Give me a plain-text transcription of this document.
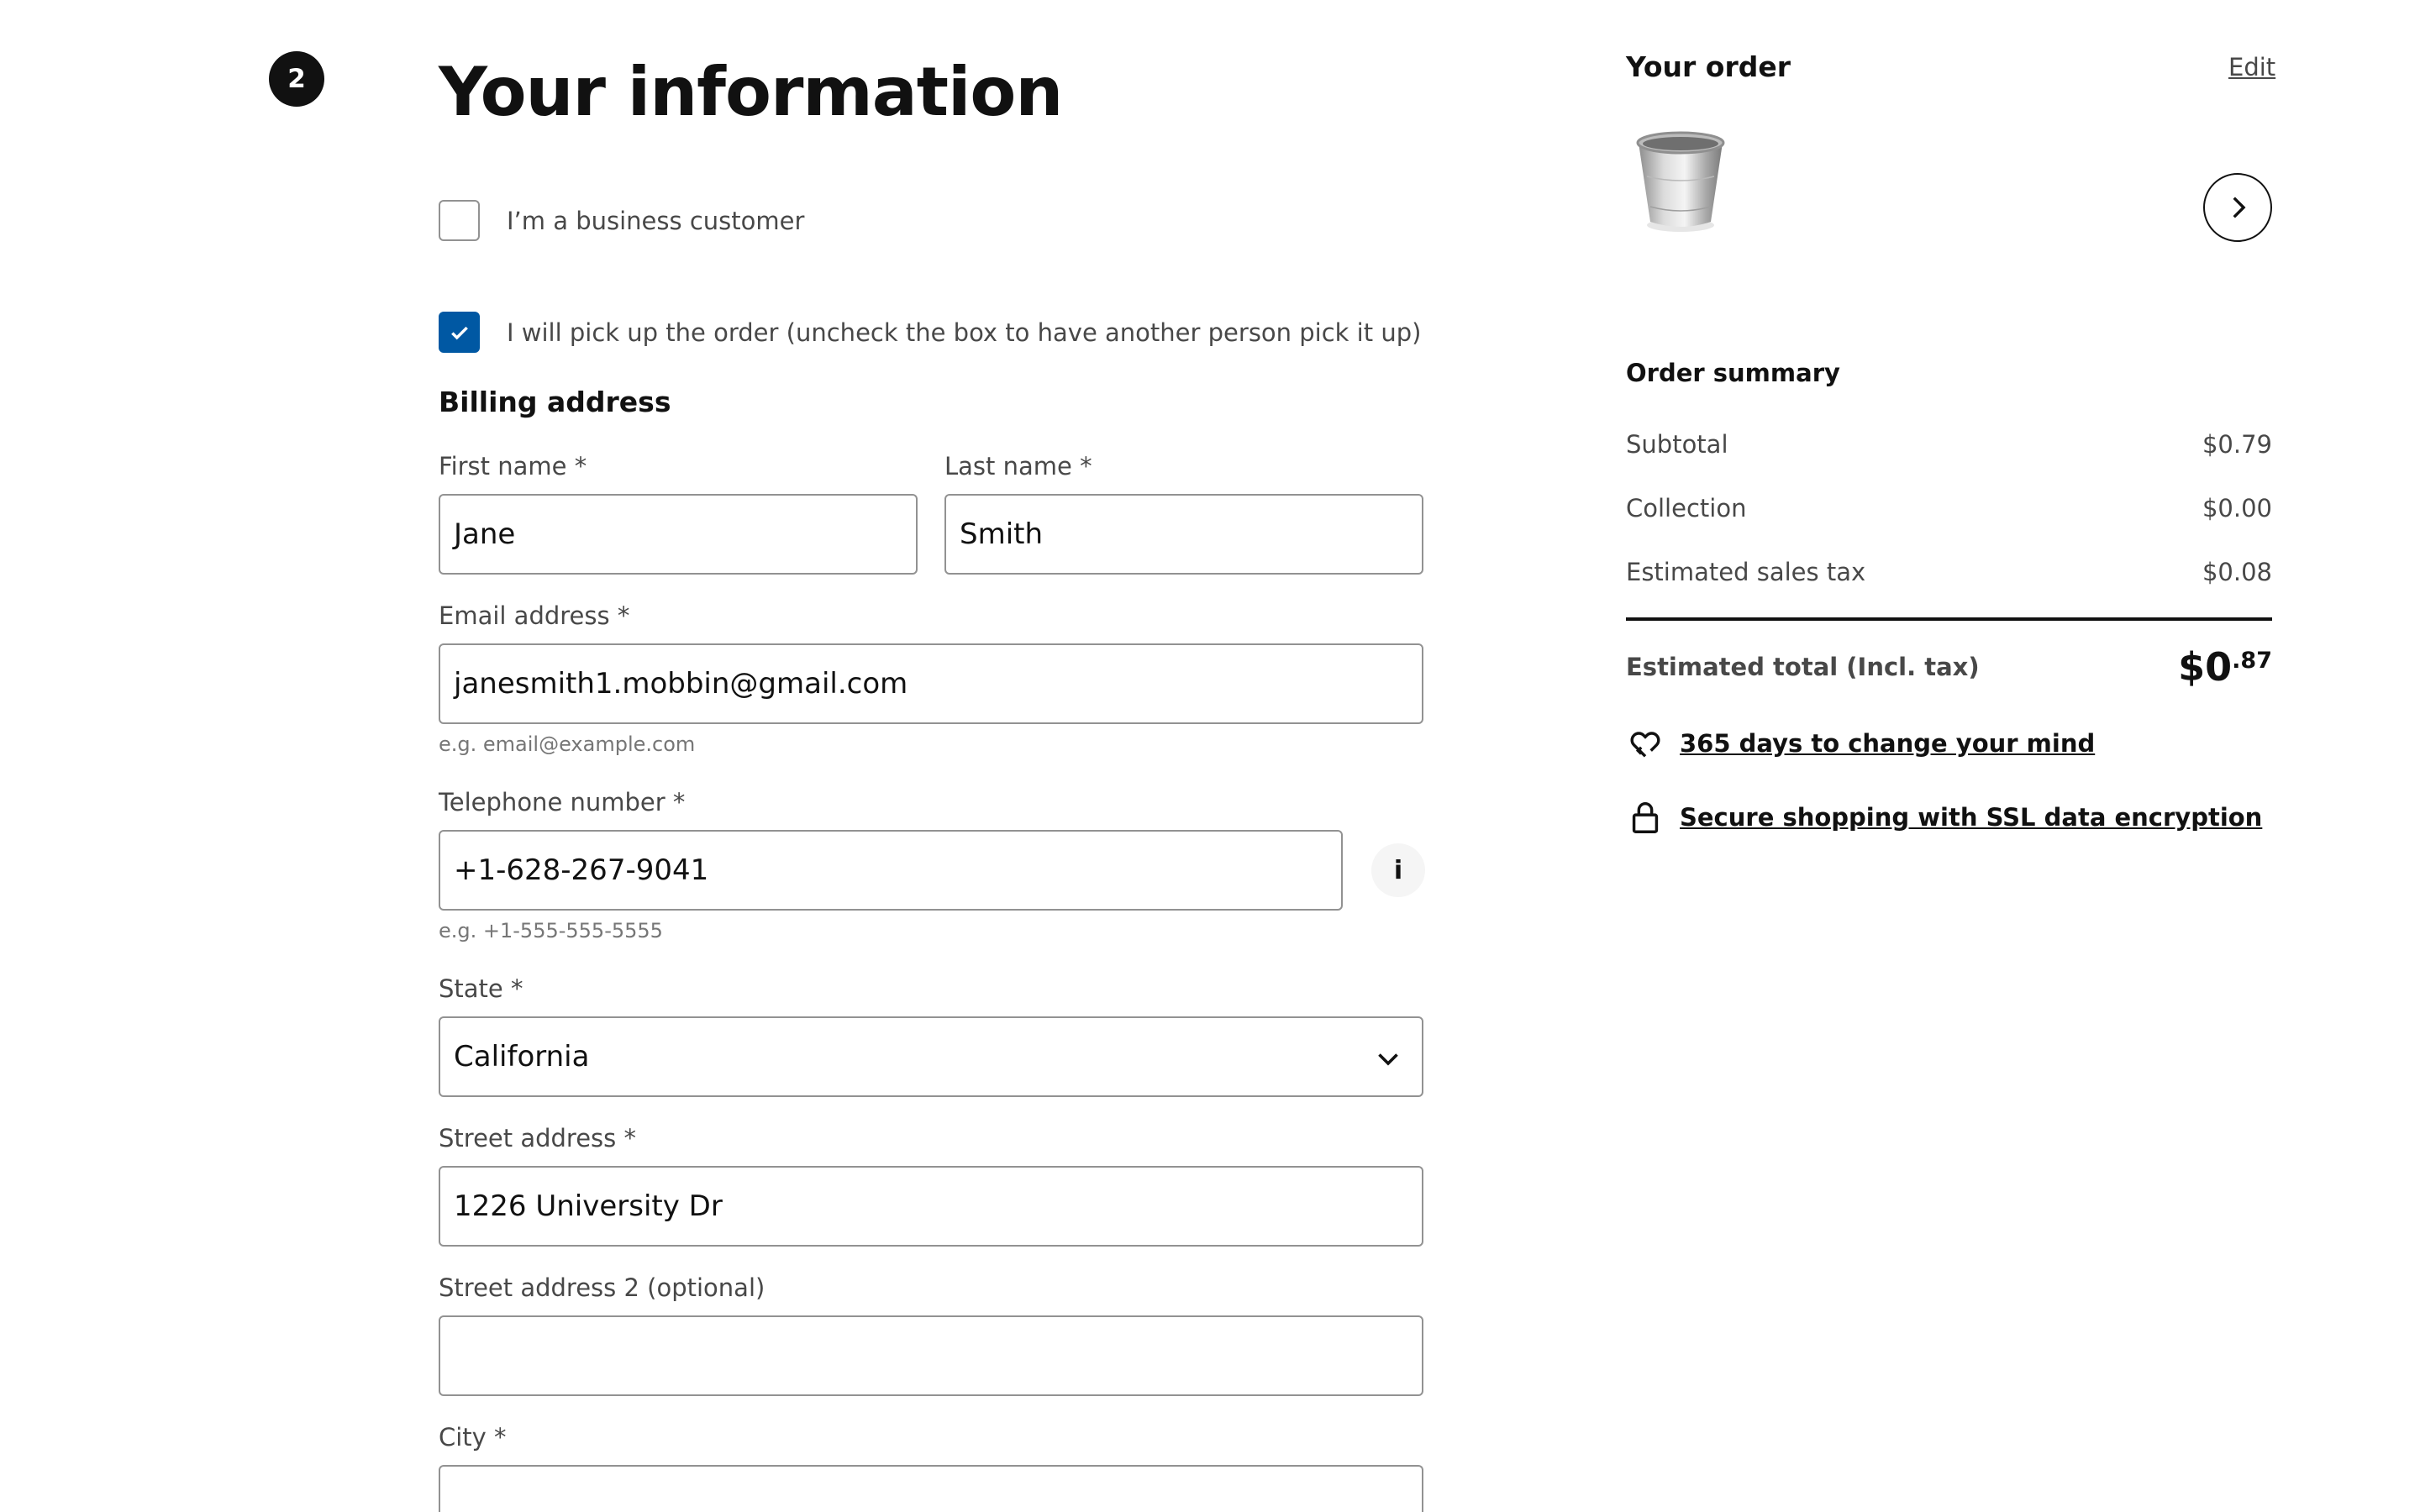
2 Your information
I’m a business customer
I will pick up the order (uncheck the box to have another person pick it up)
Billing address
First name *
Jane
Last name *
Smith
Email address *
janesmith1.mobbin@gmail.com
e.g. email@example.com
Telephone number *
+1-628-267-9041	i
e.g. +1-555-555-5555
State *
California
Street address *
1226 University Dr
Street address 2 (optional)
City *
Your order	Edit
Order summary
Subtotal	$0.79
Collection	$0.00
Estimated sales tax	$0.08
Estimated total (Incl. tax)	$0 .87
365 days to change your mind
Secure shopping with SSL data encryption
